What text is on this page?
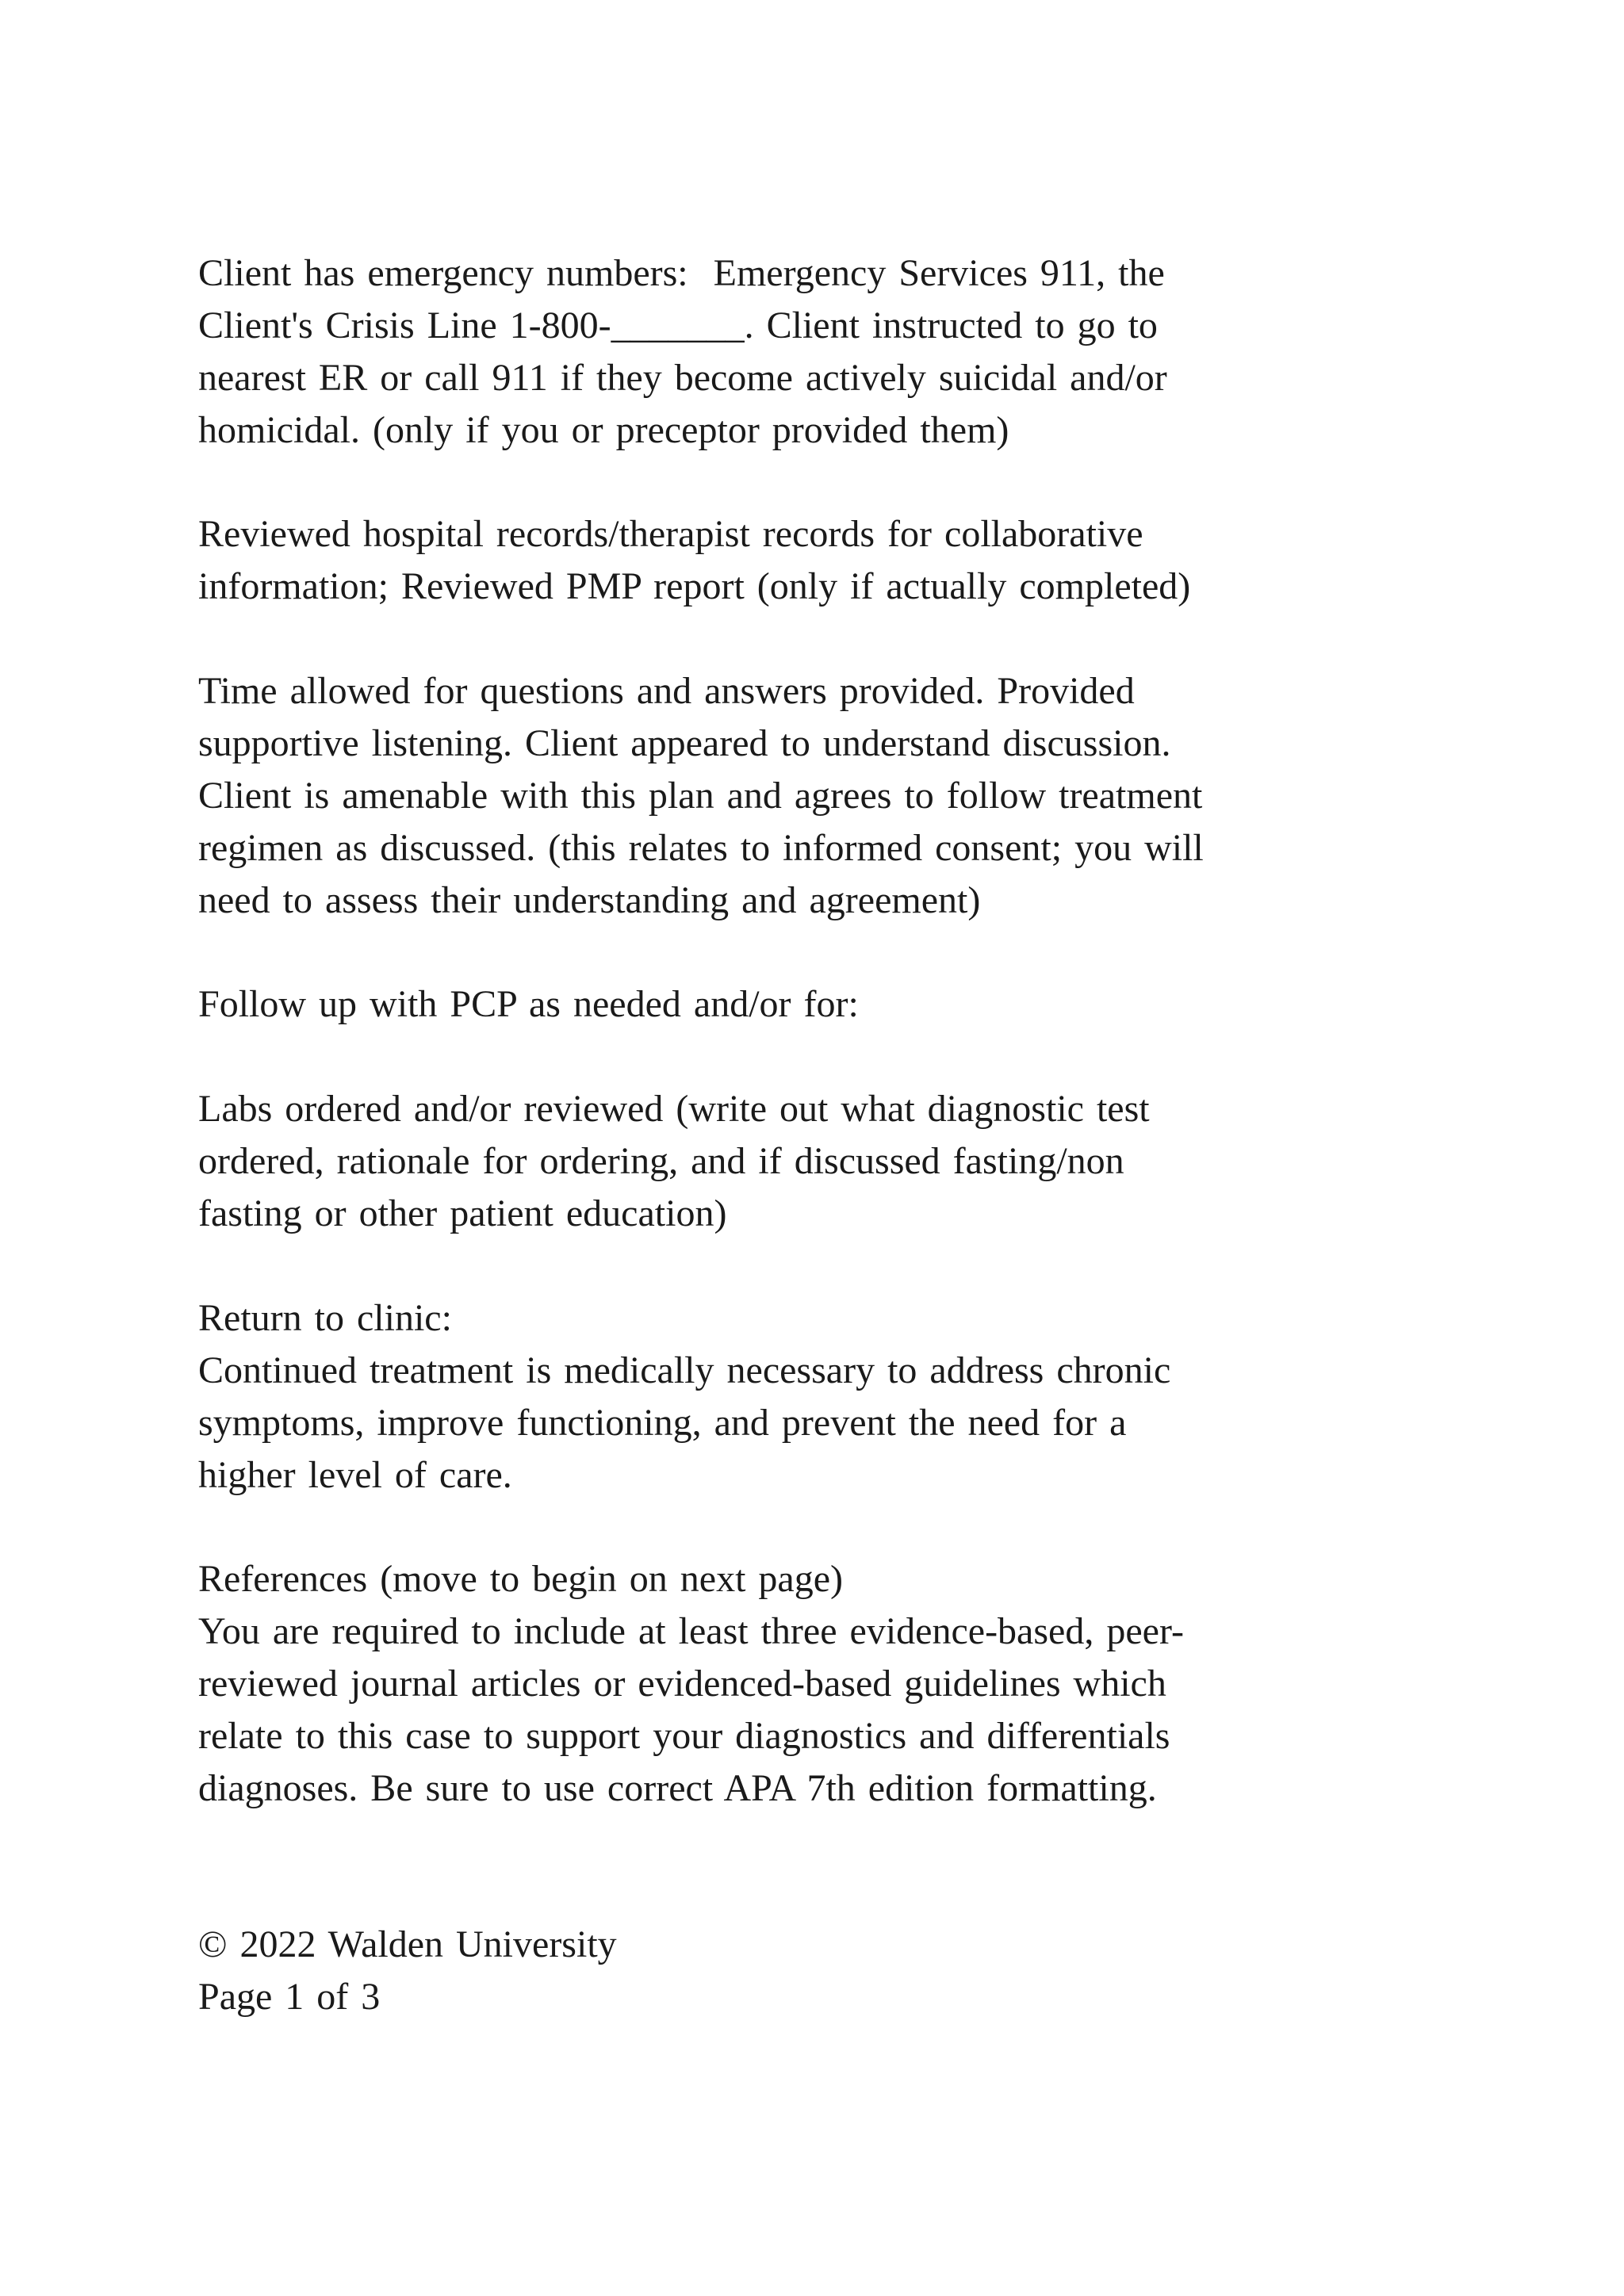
Client has emergency numbers:  Emergency Services 911, the

Client's Crisis Line 1-800-_______. Client instructed to go to

nearest ER or call 911 if they become actively suicidal and/or

homicidal. (only if you or preceptor provided them)

Reviewed hospital records/therapist records for collaborative

information; Reviewed PMP report (only if actually completed)

Time allowed for questions and answers provided. Provided

supportive listening. Client appeared to understand discussion.

Client is amenable with this plan and agrees to follow treatment

regimen as discussed. (this relates to informed consent; you will

need to assess their understanding and agreement)

Follow up with PCP as needed and/or for:

Labs ordered and/or reviewed (write out what diagnostic test

ordered, rationale for ordering, and if discussed fasting/non

fasting or other patient education)

Return to clinic:

Continued treatment is medically necessary to address chronic

symptoms, improve functioning, and prevent the need for a

higher level of care.

References (move to begin on next page)

You are required to include at least three evidence-based, peer-

reviewed journal articles or evidenced-based guidelines which

relate to this case to support your diagnostics and differentials

diagnoses. Be sure to use correct APA 7th edition formatting.

© 2022 Walden University

Page 1 of 3
